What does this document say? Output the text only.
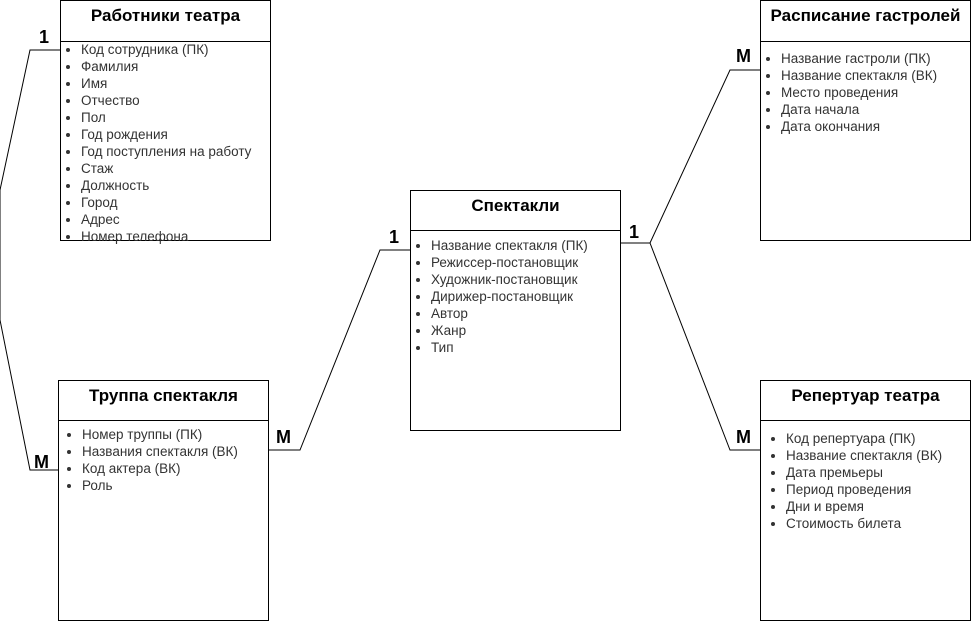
Работники театра
• Код сотрудника (ПК)
• Фамилия
• Имя
• Отчество
• Пол
• Год рождения
• Год поступления на работу
• Стаж
• Должность
• Город
• Адрес
• Номер телефона
Труппа спектакля
• Номер труппы (ПК)
• Названия спектакля (ВК)
• Код актера (ВК)
• Роль
Спектакли
• Название спектакля (ПК)
• Режиссер-постановщик
• Художник-постановщик
• Дирижер-постановщик
• Автор
• Жанр
• Тип
Расписание гастролей
• Название гастроли (ПК)
• Название спектакля (ВК)
• Место проведения
• Дата начала
• Дата окончания
Репертуар театра
• Код репертуара (ПК)
• Название спектакля (ВК)
• Дата премьеры
• Период проведения
• Дни и время
• Стоимость билета
1
M
M
1	1
M
M
